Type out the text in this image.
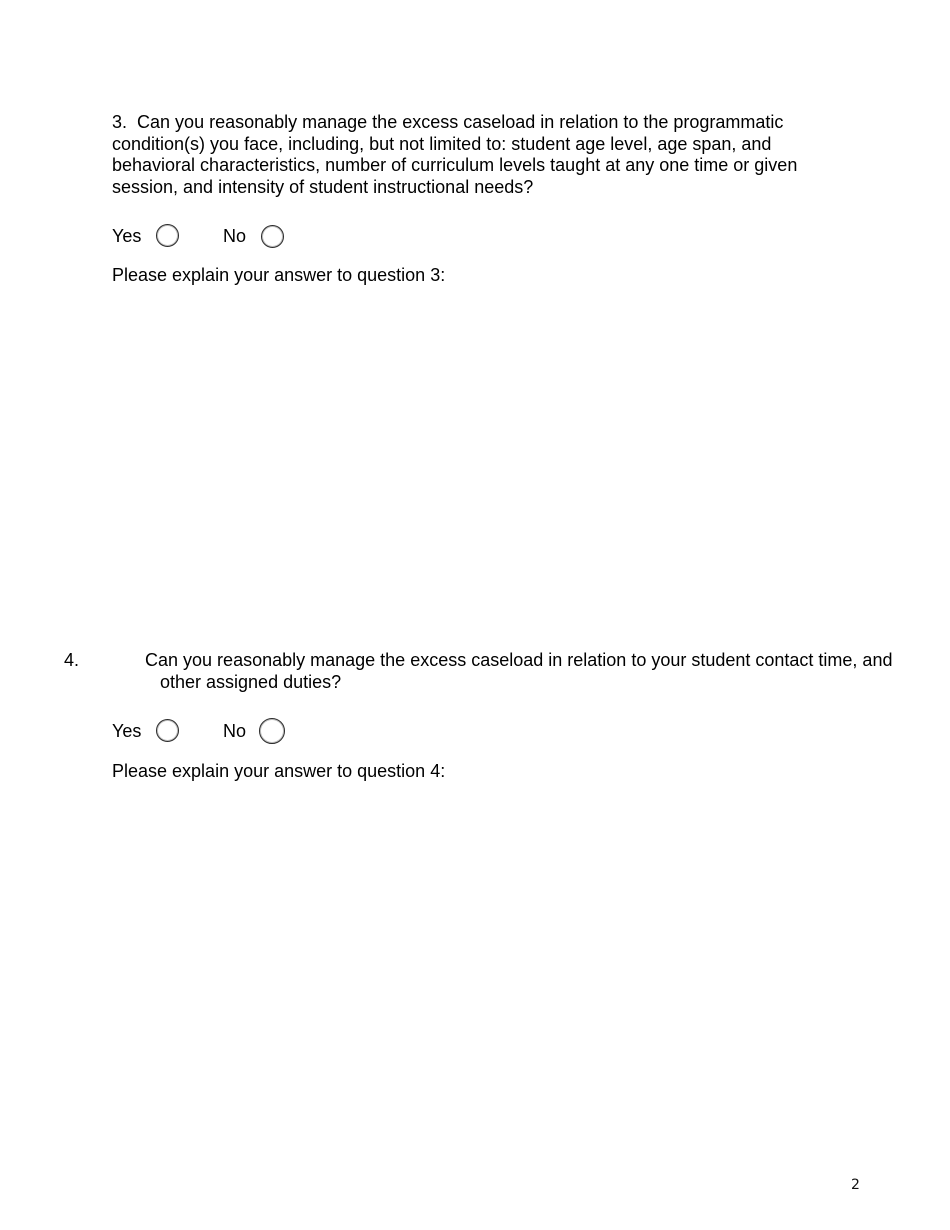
3. Can you reasonably manage the excess caseload in relation to the programmatic condition(s) you face, including, but not limited to: student age level, age span, and behavioral characteristics, number of curriculum levels taught at any one time or given session, and intensity of student instructional needs?
Yes	No
Please explain your answer to question 3:
4.	Can you reasonably manage the excess caseload in relation to your student contact time, and other assigned duties?
Yes	No
Please explain your answer to question 4:
2
